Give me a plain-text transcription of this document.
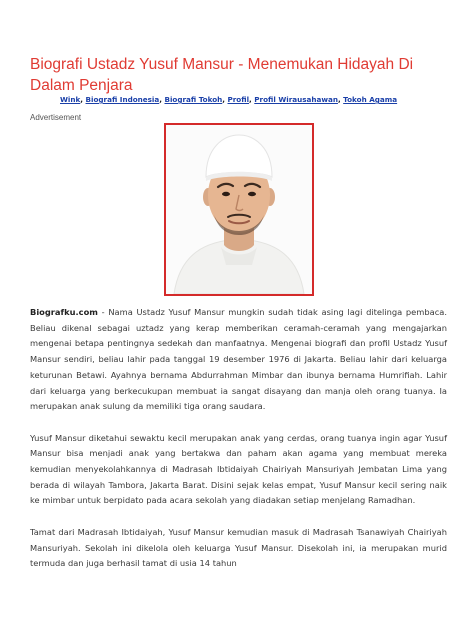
Biografi Ustadz Yusuf Mansur - Menemukan Hidayah Di Dalam Penjara
Wink, Biografi Indonesia, Biografi Tokoh, Profil, Profil Wirausahawan, Tokoh Agama
Advertisement

Biografku.com - Nama Ustadz Yusuf Mansur mungkin sudah tidak asing lagi ditelinga pembaca. Beliau dikenal sebagai uztadz yang kerap memberikan ceramah-ceramah yang mengajarkan mengenai betapa pentingnya sedekah dan manfaatnya. Mengenai biografi dan profil Ustadz Yusuf Mansur sendiri, beliau lahir pada tanggal 19 desember 1976 di Jakarta. Beliau lahir dari keluarga keturunan Betawi. Ayahnya bernama Abdurrahman Mimbar dan ibunya bernama Humrifiah. Lahir dari keluarga yang berkecukupan membuat ia sangat disayang dan manja oleh orang tuanya. Ia merupakan anak sulung da memiliki tiga orang saudara.

Yusuf Mansur diketahui sewaktu kecil merupakan anak yang cerdas, orang tuanya ingin agar Yusuf Mansur bisa menjadi anak yang bertakwa dan paham akan agama yang membuat mereka kemudian menyekolahkannya di Madrasah Ibtidaiyah Chairiyah Mansuriyah Jembatan Lima yang berada di wilayah Tambora, Jakarta Barat. Disini sejak kelas empat, Yusuf Mansur kecil sering naik ke mimbar untuk berpidato pada acara sekolah yang diadakan setiap menjelang Ramadhan.

Tamat dari Madrasah Ibtidaiyah, Yusuf Mansur kemudian masuk di Madrasah Tsanawiyah Chairiyah Mansuriyah. Sekolah ini dikelola oleh keluarga Yusuf Mansur. Disekolah ini, ia merupakan murid termuda dan juga berhasil tamat di usia 14 tahun
